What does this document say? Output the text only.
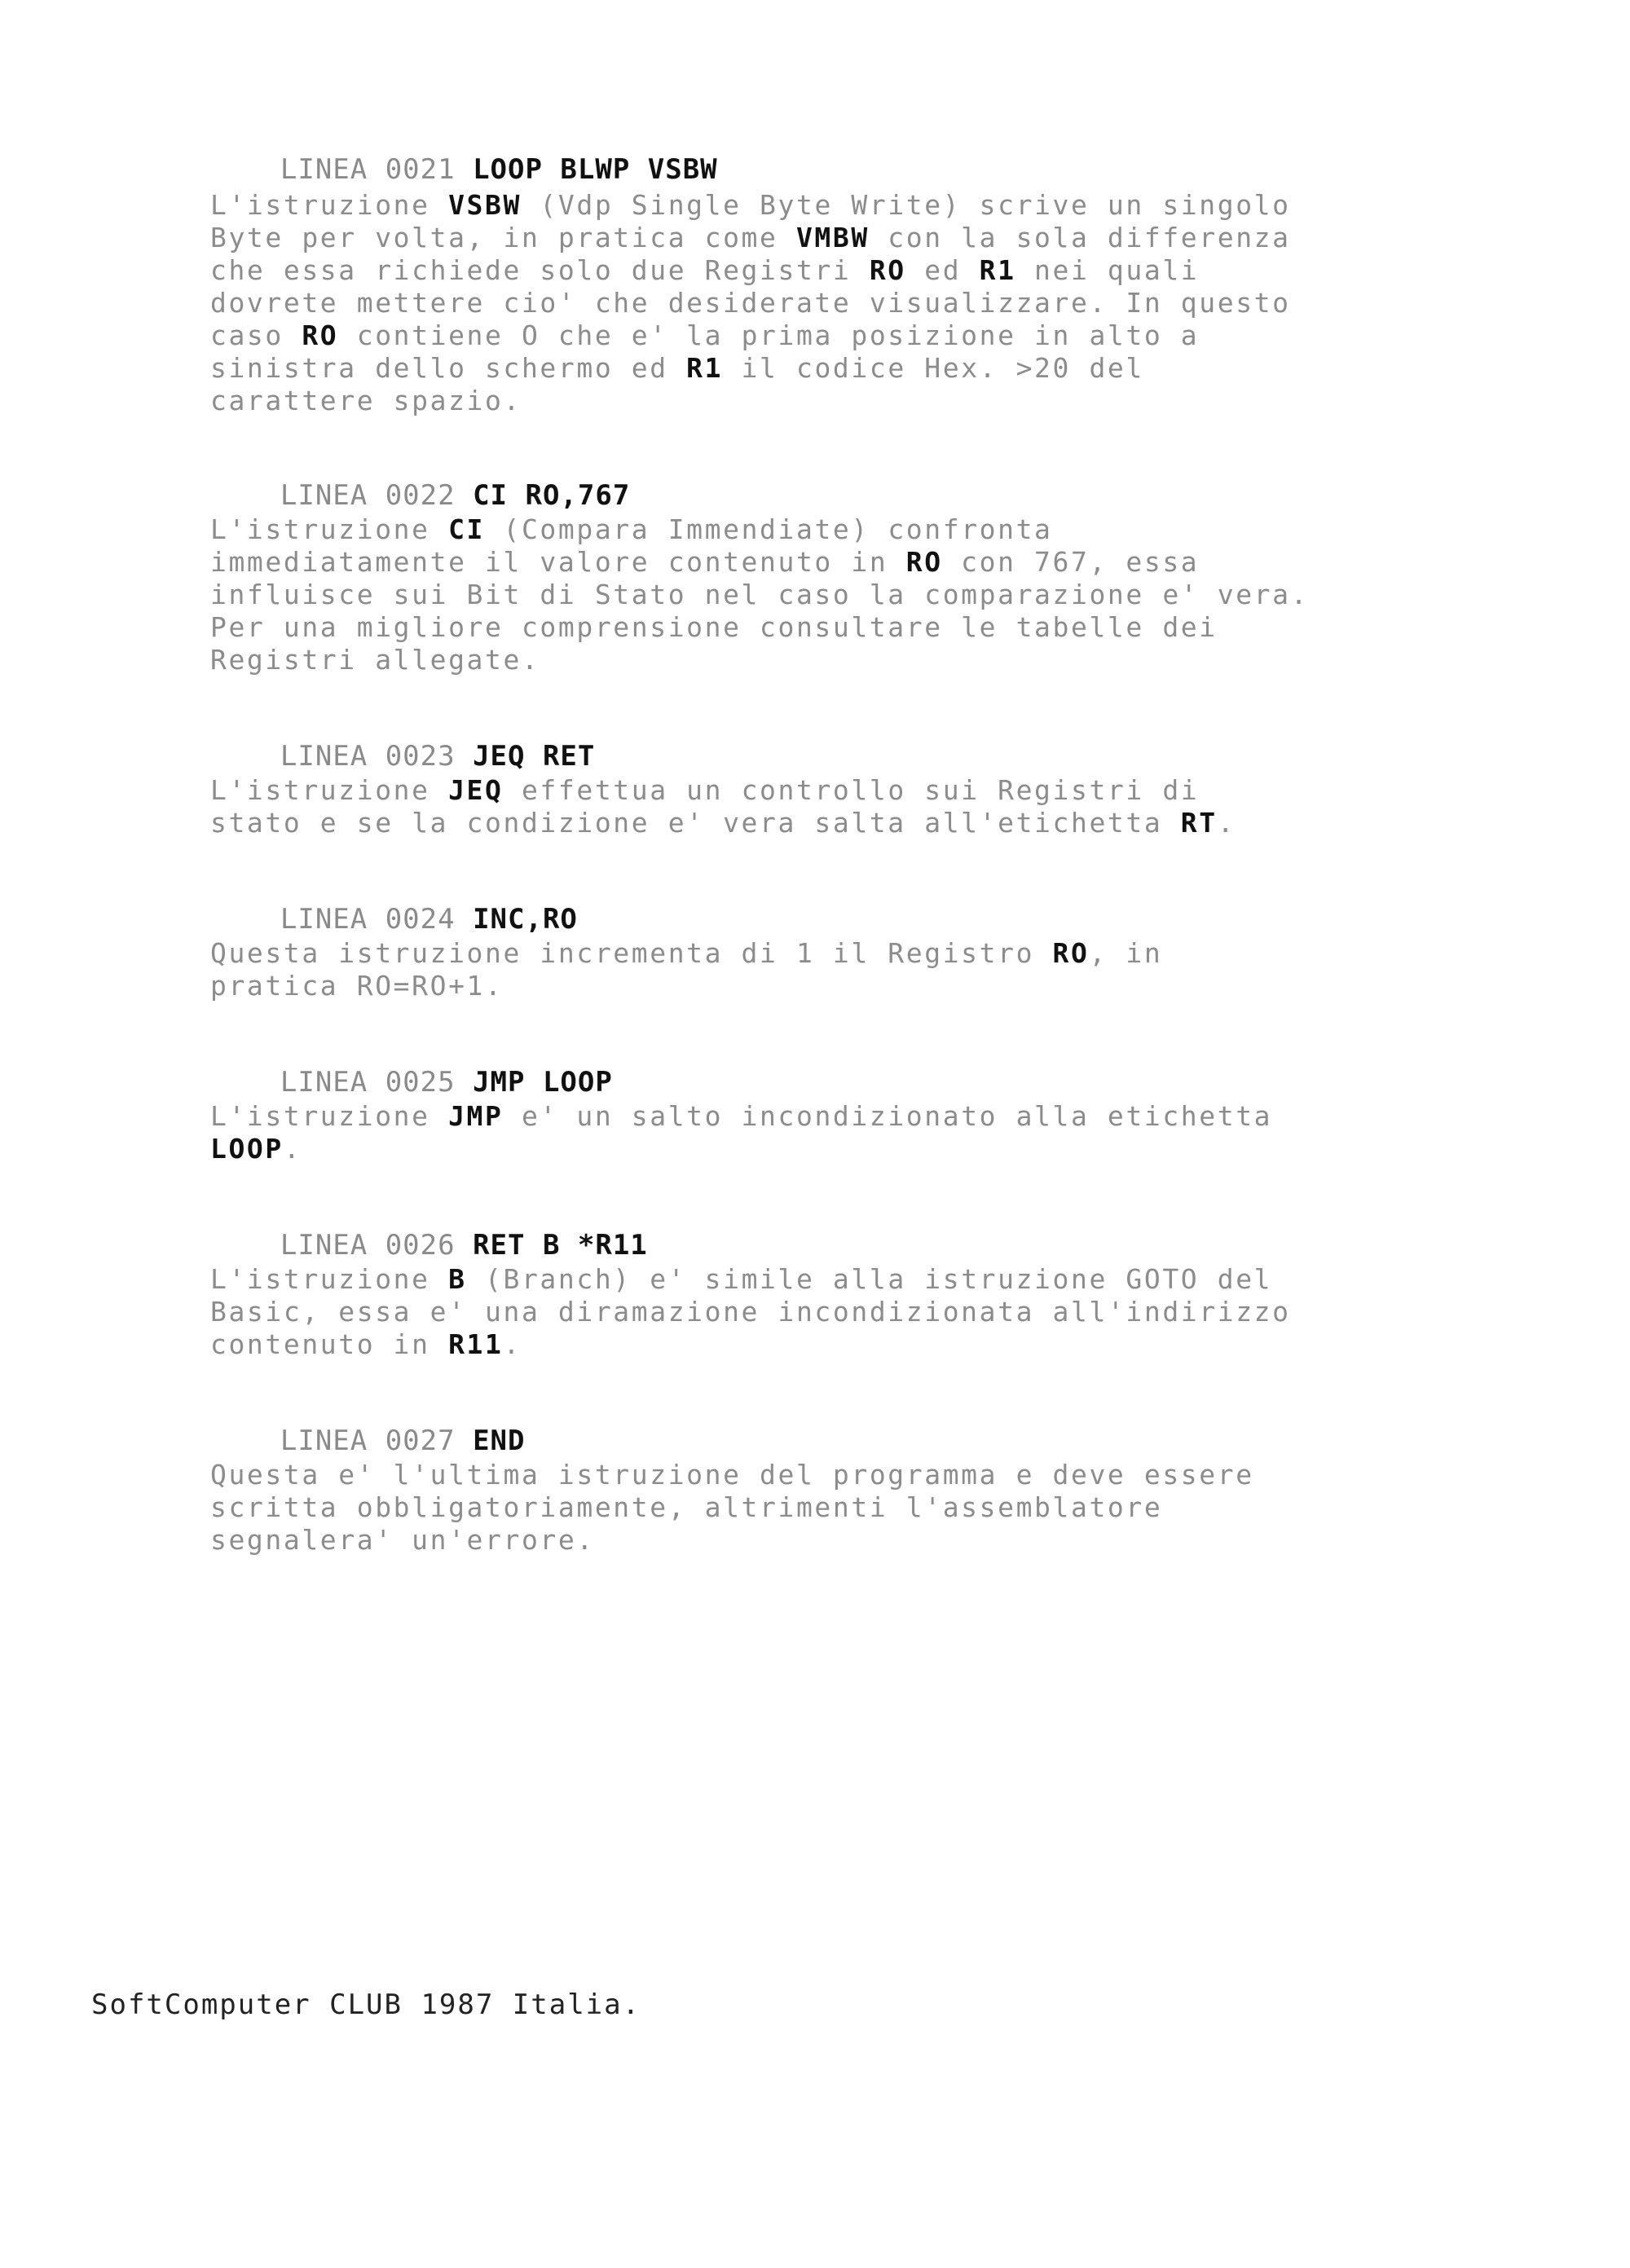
LINEA 0021 LOOP BLWP VSBW

L'istruzione VSBW (Vdp Single Byte Write) scrive un singolo
Byte per volta, in pratica come VMBW con la sola differenza
che essa richiede solo due Registri RO ed R1 nei quali
dovrete mettere cio' che desiderate visualizzare. In questo
caso RO contiene O che e' la prima posizione in alto a
sinistra dello schermo ed R1 il codice Hex. >20 del
carattere spazio.

LINEA 0022 CI RO,767

L'istruzione CI (Compara Immendiate) confronta
immediatamente il valore contenuto in RO con 767, essa
influisce sui Bit di Stato nel caso la comparazione e' vera.
Per una migliore comprensione consultare le tabelle dei
Registri allegate.

LINEA 0023 JEQ RET

L'istruzione JEQ effettua un controllo sui Registri di
stato e se la condizione e' vera salta all'etichetta RT.

LINEA 0024 INC,RO

Questa istruzione incrementa di 1 il Registro RO, in
pratica RO=RO+1.

LINEA 0025 JMP LOOP

L'istruzione JMP e' un salto incondizionato alla etichetta
LOOP.

LINEA 0026 RET B *R11

L'istruzione B (Branch) e' simile alla istruzione GOTO del
Basic, essa e' una diramazione incondizionata all'indirizzo
contenuto in R11.

LINEA 0027 END

Questa e' l'ultima istruzione del programma e deve essere
scritta obbligatoriamente, altrimenti l'assemblatore
segnalera' un'errore.
SoftComputer CLUB 1987 Italia.
